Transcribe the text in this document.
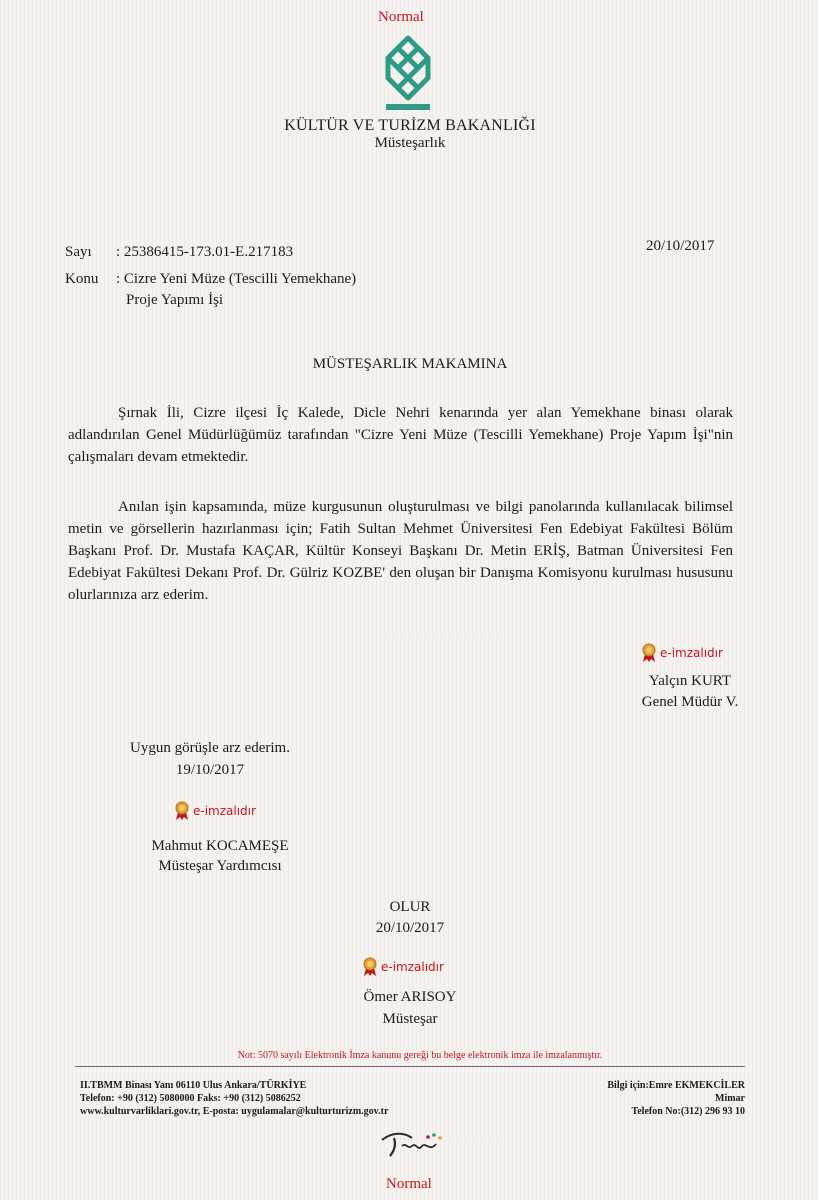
Normal
KÜLTÜR VE TURİZM BAKANLIĞI
Müsteşarlık
Sayı : 25386415-173.01-E.217183	20/10/2017
Konu : Cizre Yeni Müze (Tescilli Yemekhane)
Proje Yapımı İşi
MÜSTEŞARLIK MAKAMINA
Şırnak İli, Cizre ilçesi İç Kalede, Dicle Nehri kenarında yer alan Yemekhane binası olarak adlandırılan Genel Müdürlüğümüz tarafından "Cizre Yeni Müze (Tescilli Yemekhane) Proje Yapım İşi"nin çalışmaları devam etmektedir.
Anılan işin kapsamında, müze kurgusunun oluşturulması ve bilgi panolarında kullanılacak bilimsel metin ve görsellerin hazırlanması için; Fatih Sultan Mehmet Üniversitesi Fen Edebiyat Fakültesi Bölüm Başkanı Prof. Dr. Mustafa KAÇAR, Kültür Konseyi Başkanı Dr. Metin ERİŞ, Batman Üniversitesi Fen Edebiyat Fakültesi Dekanı Prof. Dr. Gülriz KOZBE' den oluşan bir Danışma Komisyonu kurulması hususunu olurlarınıza arz ederim.
e-imzalıdır
Yalçın KURT
Genel Müdür V.
Uygun görüşle arz ederim.
19/10/2017
e-imzalıdır
Mahmut KOCAMEŞE
Müsteşar Yardımcısı
OLUR
20/10/2017
e-imzalıdır
Ömer ARISOY
Müsteşar
Not: 5070 sayılı Elektronik İmza kanunu gereği bu belge elektronik imza ile imzalanmıştır.
II.TBMM Binası Yanı 06110 Ulus Ankara/TÜRKİYE
Telefon: +90 (312) 5080000 Faks: +90 (312) 5086252
www.kulturvarliklari.gov.tr, E-posta: uygulamalar@kulturturizm.gov.tr
Bilgi için:Emre EKMEKCİLER
Mimar
Telefon No:(312) 296 93 10
Normal
